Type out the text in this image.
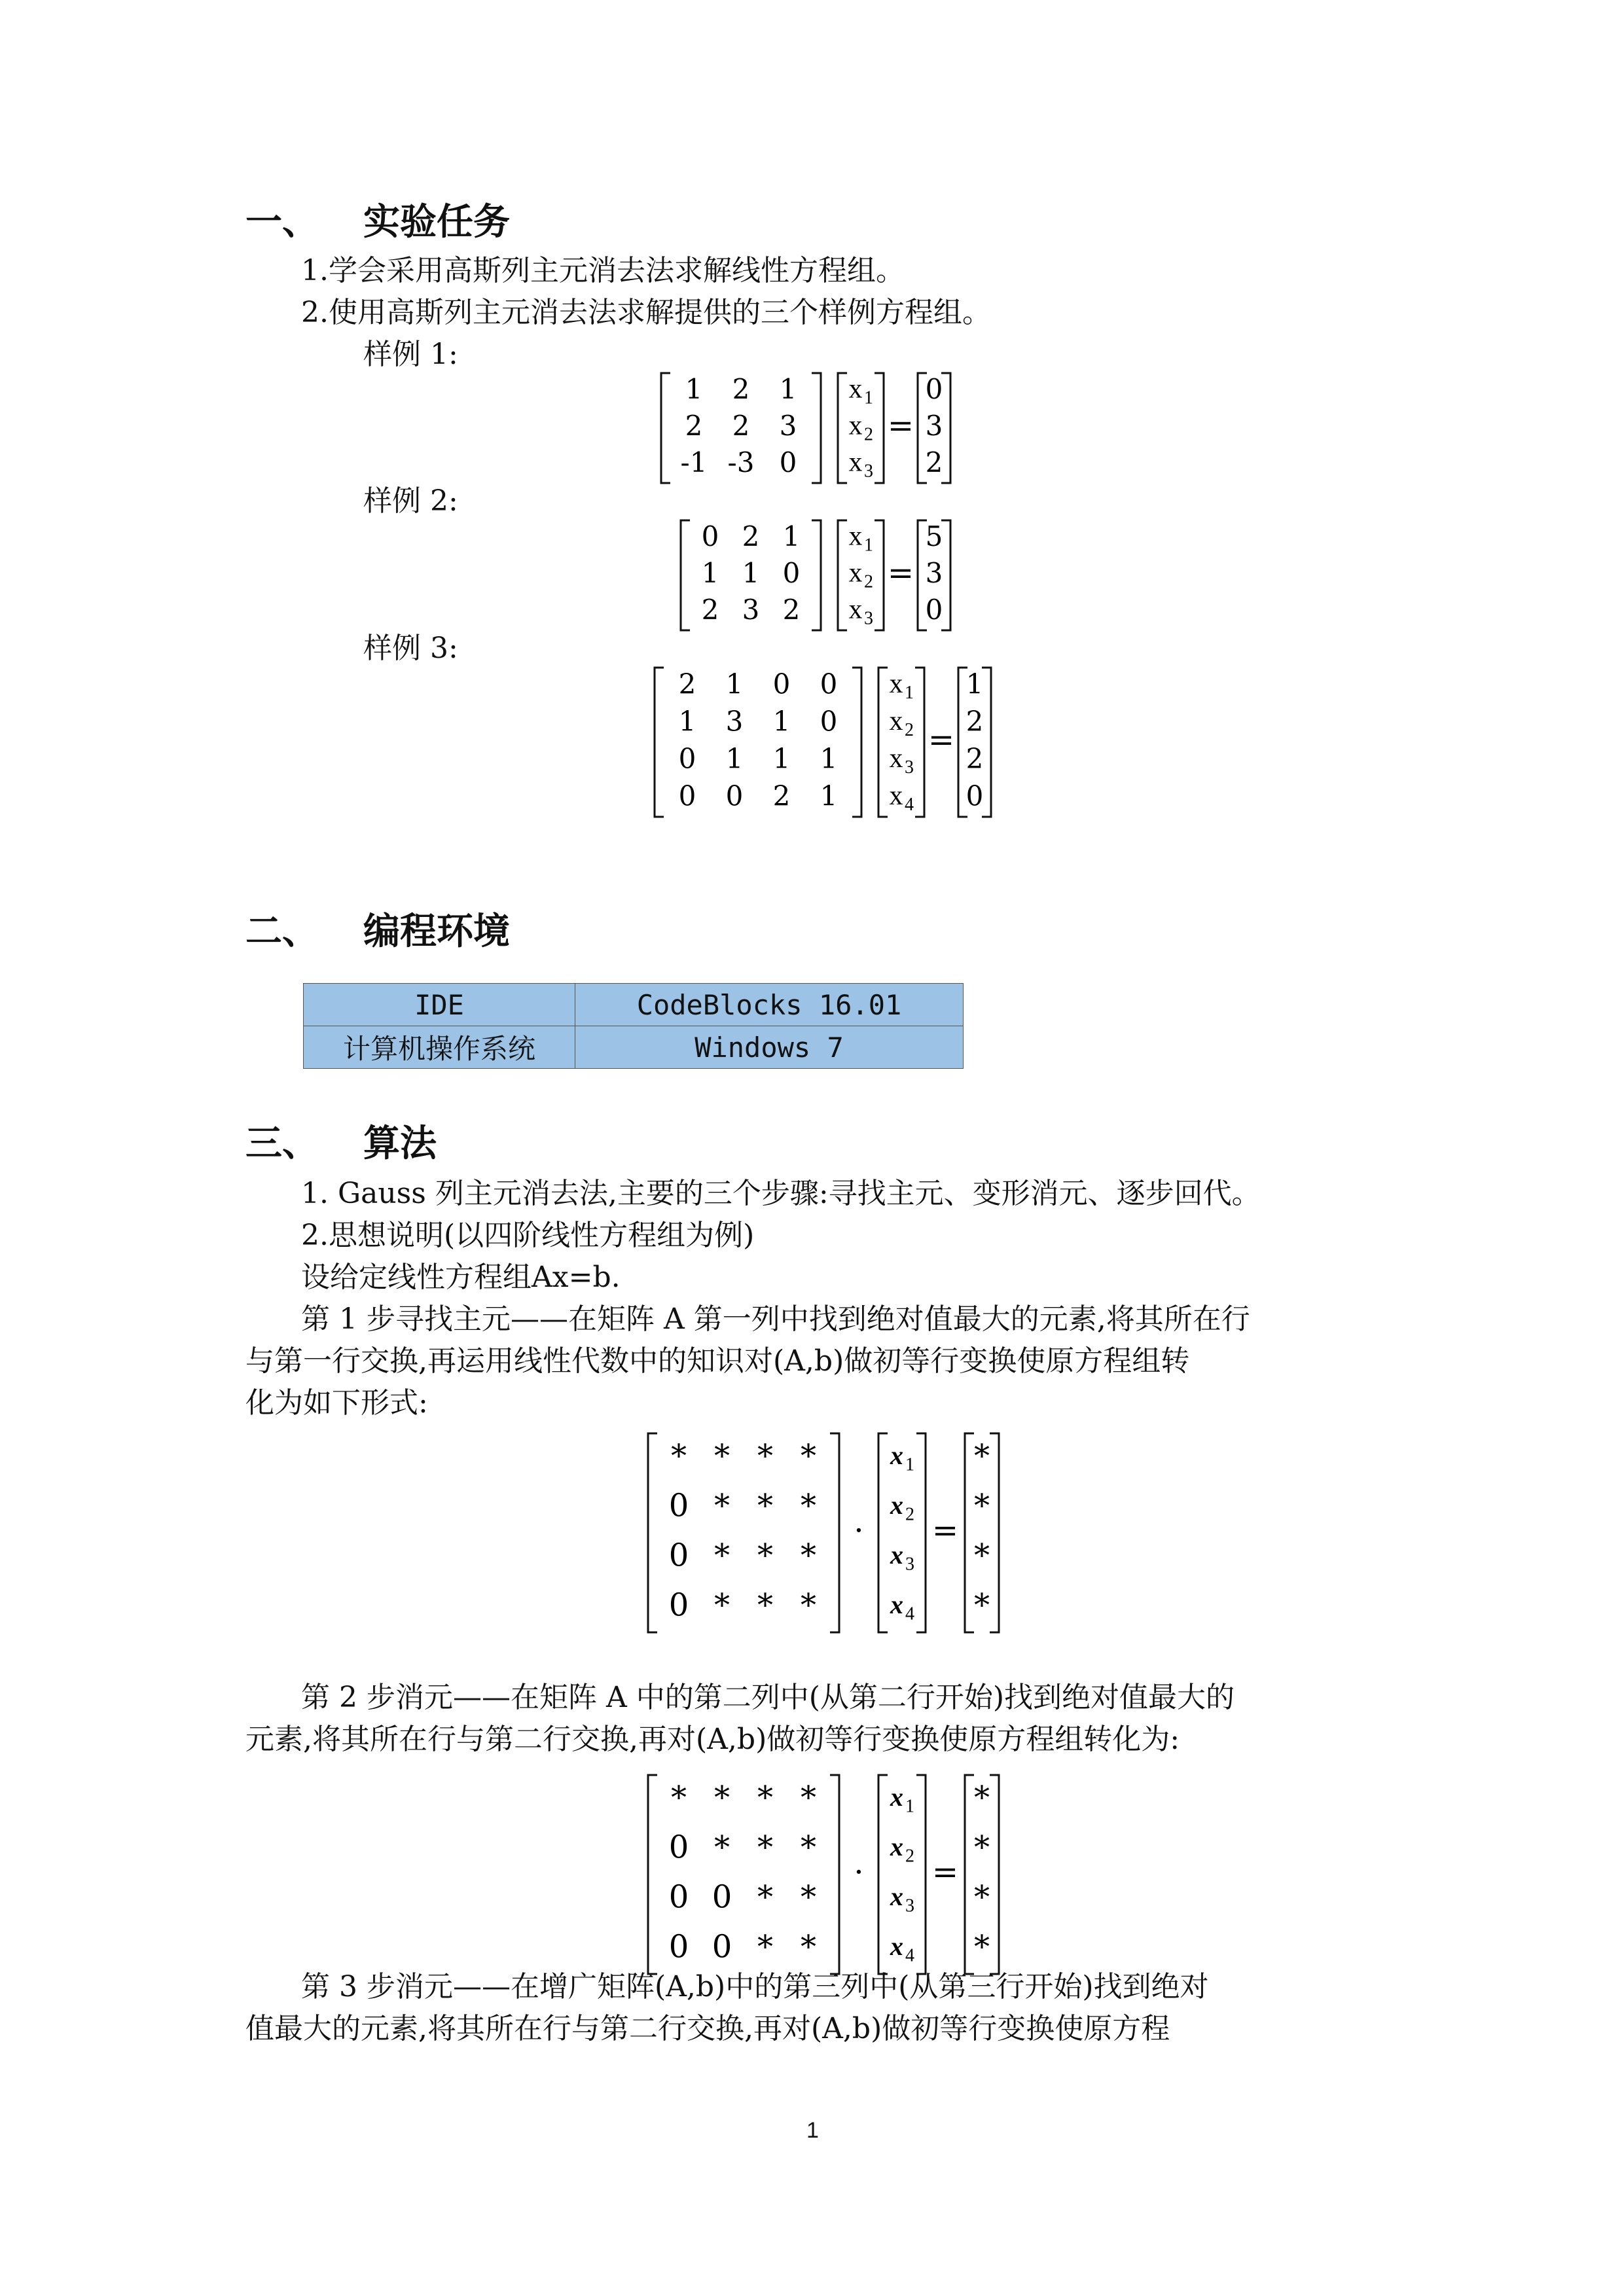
一、 实验任务
1.学会采用高斯列主元消去法求解线性方程组。
2.使用高斯列主元消去法求解提供的三个样例方程组。
样例 1:
1 2 1
2 2 3
-1 -3 0
x 1
x 2
x 3
=
0
3
2
样例 2:
0 2 1
1 1 0
2 3 2
x 1
x 2
x 3
=
5
3
0
样例 3:
2 1 0 0
1 3 1 0
0 1 1 1
0 0 2 1
x 1
x 2
x 3
x 4
=
1
2
2
0
二、 编程环境
IDE	CodeBlocks 16.01
计算机操作系统	Windows 7
三、 算法
1. Gauss 列主元消去法,主要的三个步骤:寻找主元、变形消元、逐步回代。
2.思想说明(以四阶线性方程组为例)
设给定线性方程组Ax=b.
第 1 步寻找主元——在矩阵 A 第一列中找到绝对值最大的元素,将其所在行
与第一行交换,再运用线性代数中的知识对(A,b)做初等行变换使原方程组转
化为如下形式:
* * * *
0 * * *
0 * * *
0 * * *
·
x 1
x 2
x 3
x 4
=
*
*
*
*
第 2 步消元——在矩阵 A 中的第二列中(从第二行开始)找到绝对值最大的
元素,将其所在行与第二行交换,再对(A,b)做初等行变换使原方程组转化为:
* * * *
0 * * *
0 0 * *
0 0 * *
·
x 1
x 2
x 3
x 4
=
*
*
*
*
第 3 步消元——在增广矩阵(A,b)中的第三列中(从第三行开始)找到绝对
值最大的元素,将其所在行与第二行交换,再对(A,b)做初等行变换使原方程
1
